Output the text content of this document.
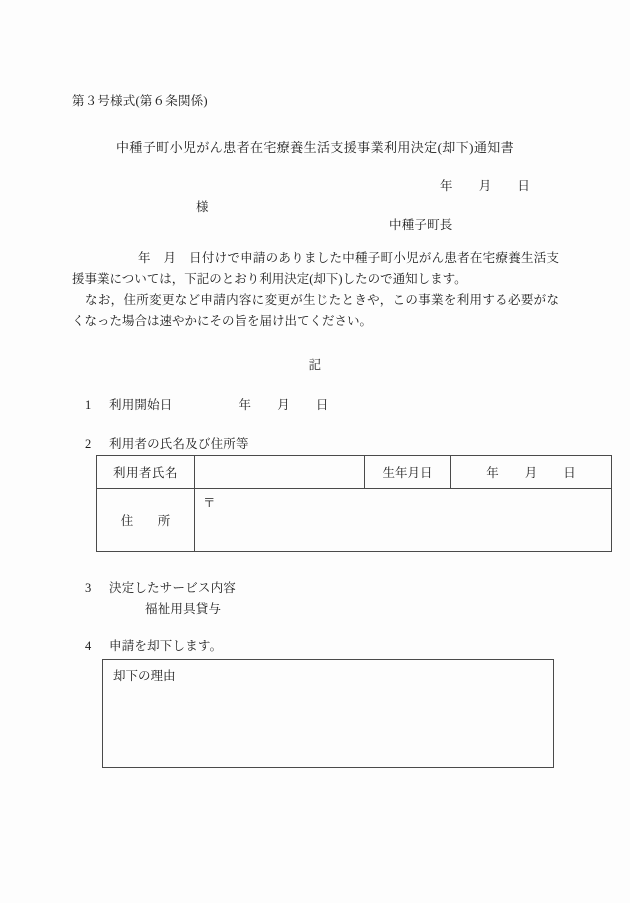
第３号様式(第６条関係)
中種子町小児がん患者在宅療養生活支援事業利用決定(却下)通知書
年 月 日
様
中種子町長
年　月　日付けで申請のありました中種子町小児がん患者在宅療養生活支援事業については，下記のとおり利用決定(却下)したので通知します。
なお，住所変更など申請内容に変更が生じたときや，この事業を利用する必要がなくなった場合は速やかにその旨を届け出てください。
記
1 利用開始日	年 月 日
2 利用者の氏名及び住所等
利用者氏名		生年月日	年 月 日
住　所	〒		
3 決定したサービス内容
福祉用具貸与
4 申請を却下します。
却下の理由
